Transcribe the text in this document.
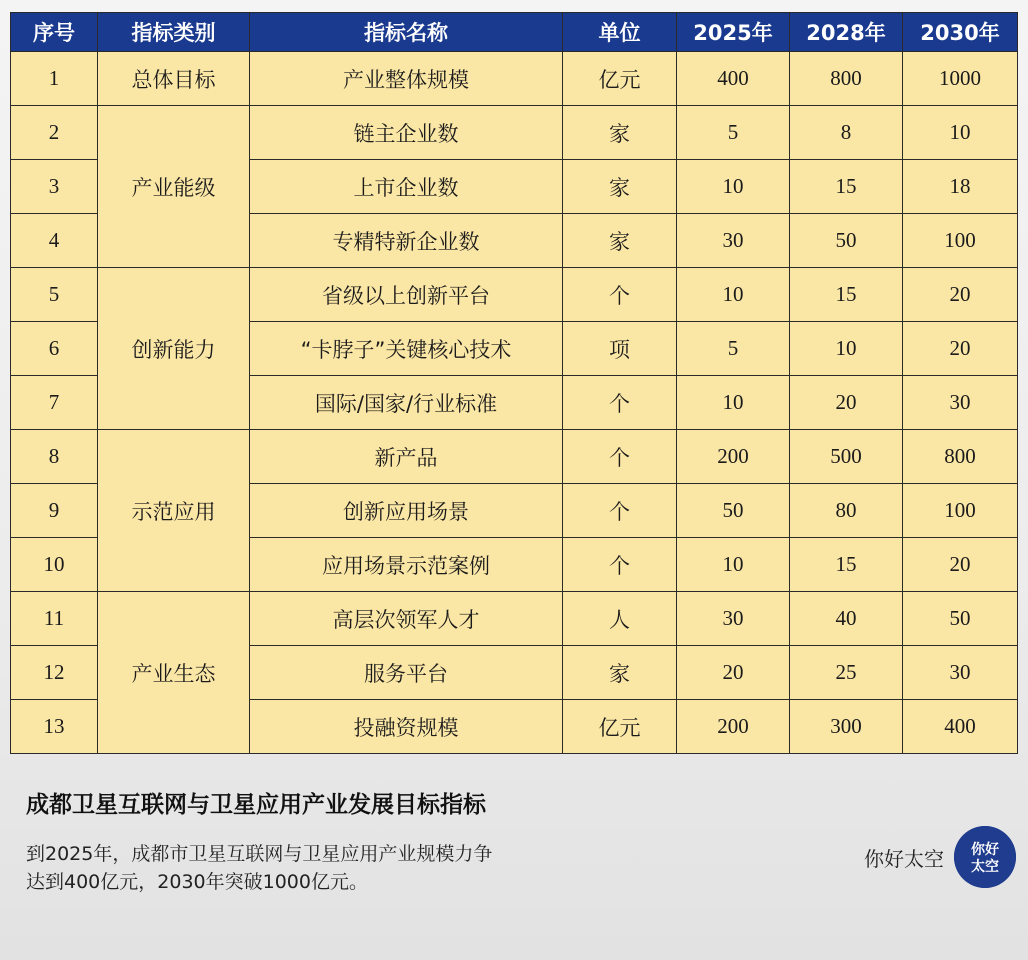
序号	指标类别	指标名称	单位	2025年	2028年	2030年
1	总体目标	产业整体规模	亿元	400	800	1000
2	产业能级	链主企业数	家	5	8	10
3		上市企业数	家	10	15	18
4		专精特新企业数	家	30	50	100
5	创新能力	省级以上创新平台	个	10	15	20
6		“卡脖子”关键核心技术	项	5	10	20
7		国际/国家/行业标准	个	10	20	30
8	示范应用	新产品	个	200	500	800
9		创新应用场景	个	50	80	100
10		应用场景示范案例	个	10	15	20
11	产业生态	高层次领军人才	人	30	40	50
12		服务平台	家	20	25	30
13		投融资规模	亿元	200	300	400
成都卫星互联网与卫星应用产业发展目标指标

到2025年，成都市卫星互联网与卫星应用产业规模力争达到400亿元，2030年突破1000亿元。

你好太空 你好
太空
